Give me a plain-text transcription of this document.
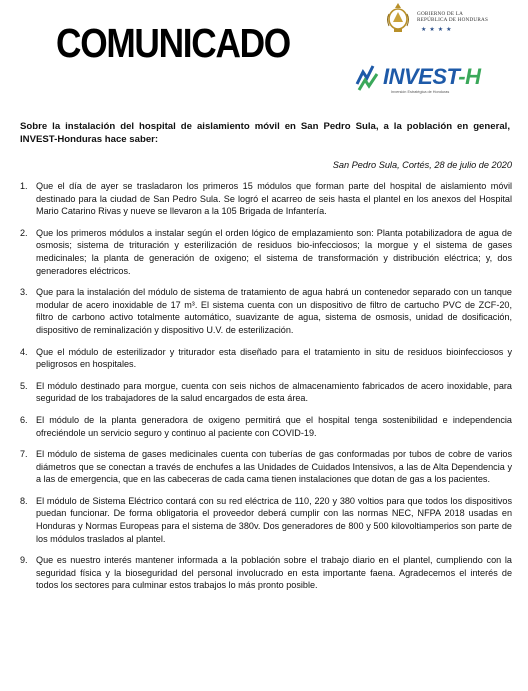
COMUNICADO
GOBIERNO DE LA
REPÚBLICA DE HONDURAS
★★★★
INVEST-H
Inversión Estratégica de Honduras

Sobre la instalación del hospital de aislamiento móvil en San Pedro Sula, a la población en general, INVEST-Honduras hace saber:

San Pedro Sula, Cortés, 28 de julio de 2020

1. Que el día de ayer se trasladaron los primeros 15 módulos que forman parte del hospital de aislamiento móvil destinado para la ciudad de San Pedro Sula. Se logró el acarreo de seis hasta el plantel en los anexos del Hospital Mario Catarino Rivas y nueve se llevaron a la 105 Brigada de Infantería.
2. Que los primeros módulos a instalar según el orden lógico de emplazamiento son: Planta potabilizadora de agua de osmosis; sistema de trituración y esterilización de residuos bio-infecciosos; la morgue y el sistema de gases medicinales; la planta de generación de oxigeno; el sistema de transformación y distribución eléctrica; y, dos generadores eléctricos.
3. Que para la instalación del módulo de sistema de tratamiento de agua habrá un contenedor separado con un tanque modular de acero inoxidable de 17 m³. El sistema cuenta con un dispositivo de filtro de cartucho PVC de ZCF-20, filtro de carbono activo totalmente automático, suavizante de agua, sistema de osmosis, unidad de dosificación, dispositivo de reminalización y dispositivo U.V. de esterilización.
4. Que el módulo de esterilizador y triturador esta diseñado para el tratamiento in situ de residuos bioinfecciosos y peligrosos en hospitales.
5. El módulo destinado para morgue, cuenta con seis nichos de almacenamiento fabricados de acero inoxidable, para seguridad de los trabajadores de la salud encargados de esta área.
6. El módulo de la planta generadora de oxigeno permitirá que el hospital tenga sostenibilidad e independencia ofreciéndole un servicio seguro y continuo al paciente con COVID-19.
7. El módulo de sistema de gases medicinales cuenta con tuberías de gas conformadas por tubos de cobre de varios diámetros que se conectan a través de enchufes a las Unidades de Cuidados Intensivos, a las de Alta Dependencia y a las de emergencia, que en las cabeceras de cada cama tienen instalaciones que dotan de gas a los pacientes.
8. El módulo de Sistema Eléctrico contará con su red eléctrica de 110, 220 y 380 voltios para que todos los dispositivos puedan funcionar. De forma obligatoria el proveedor deberá cumplir con las normas NEC, NFPA 2018 usadas en Honduras y Normas Europeas para el sistema de 380v. Dos generadores de 800 y 500 kilovoltiamperios son parte de los módulos traslados al plantel.
9. Que es nuestro interés mantener informada a la población sobre el trabajo diario en el plantel, cumpliendo con la seguridad física y la bioseguridad del personal involucrado en esta importante faena. Agradecemos el interés de todos los sectores para culminar estos trabajos lo más pronto posible.
